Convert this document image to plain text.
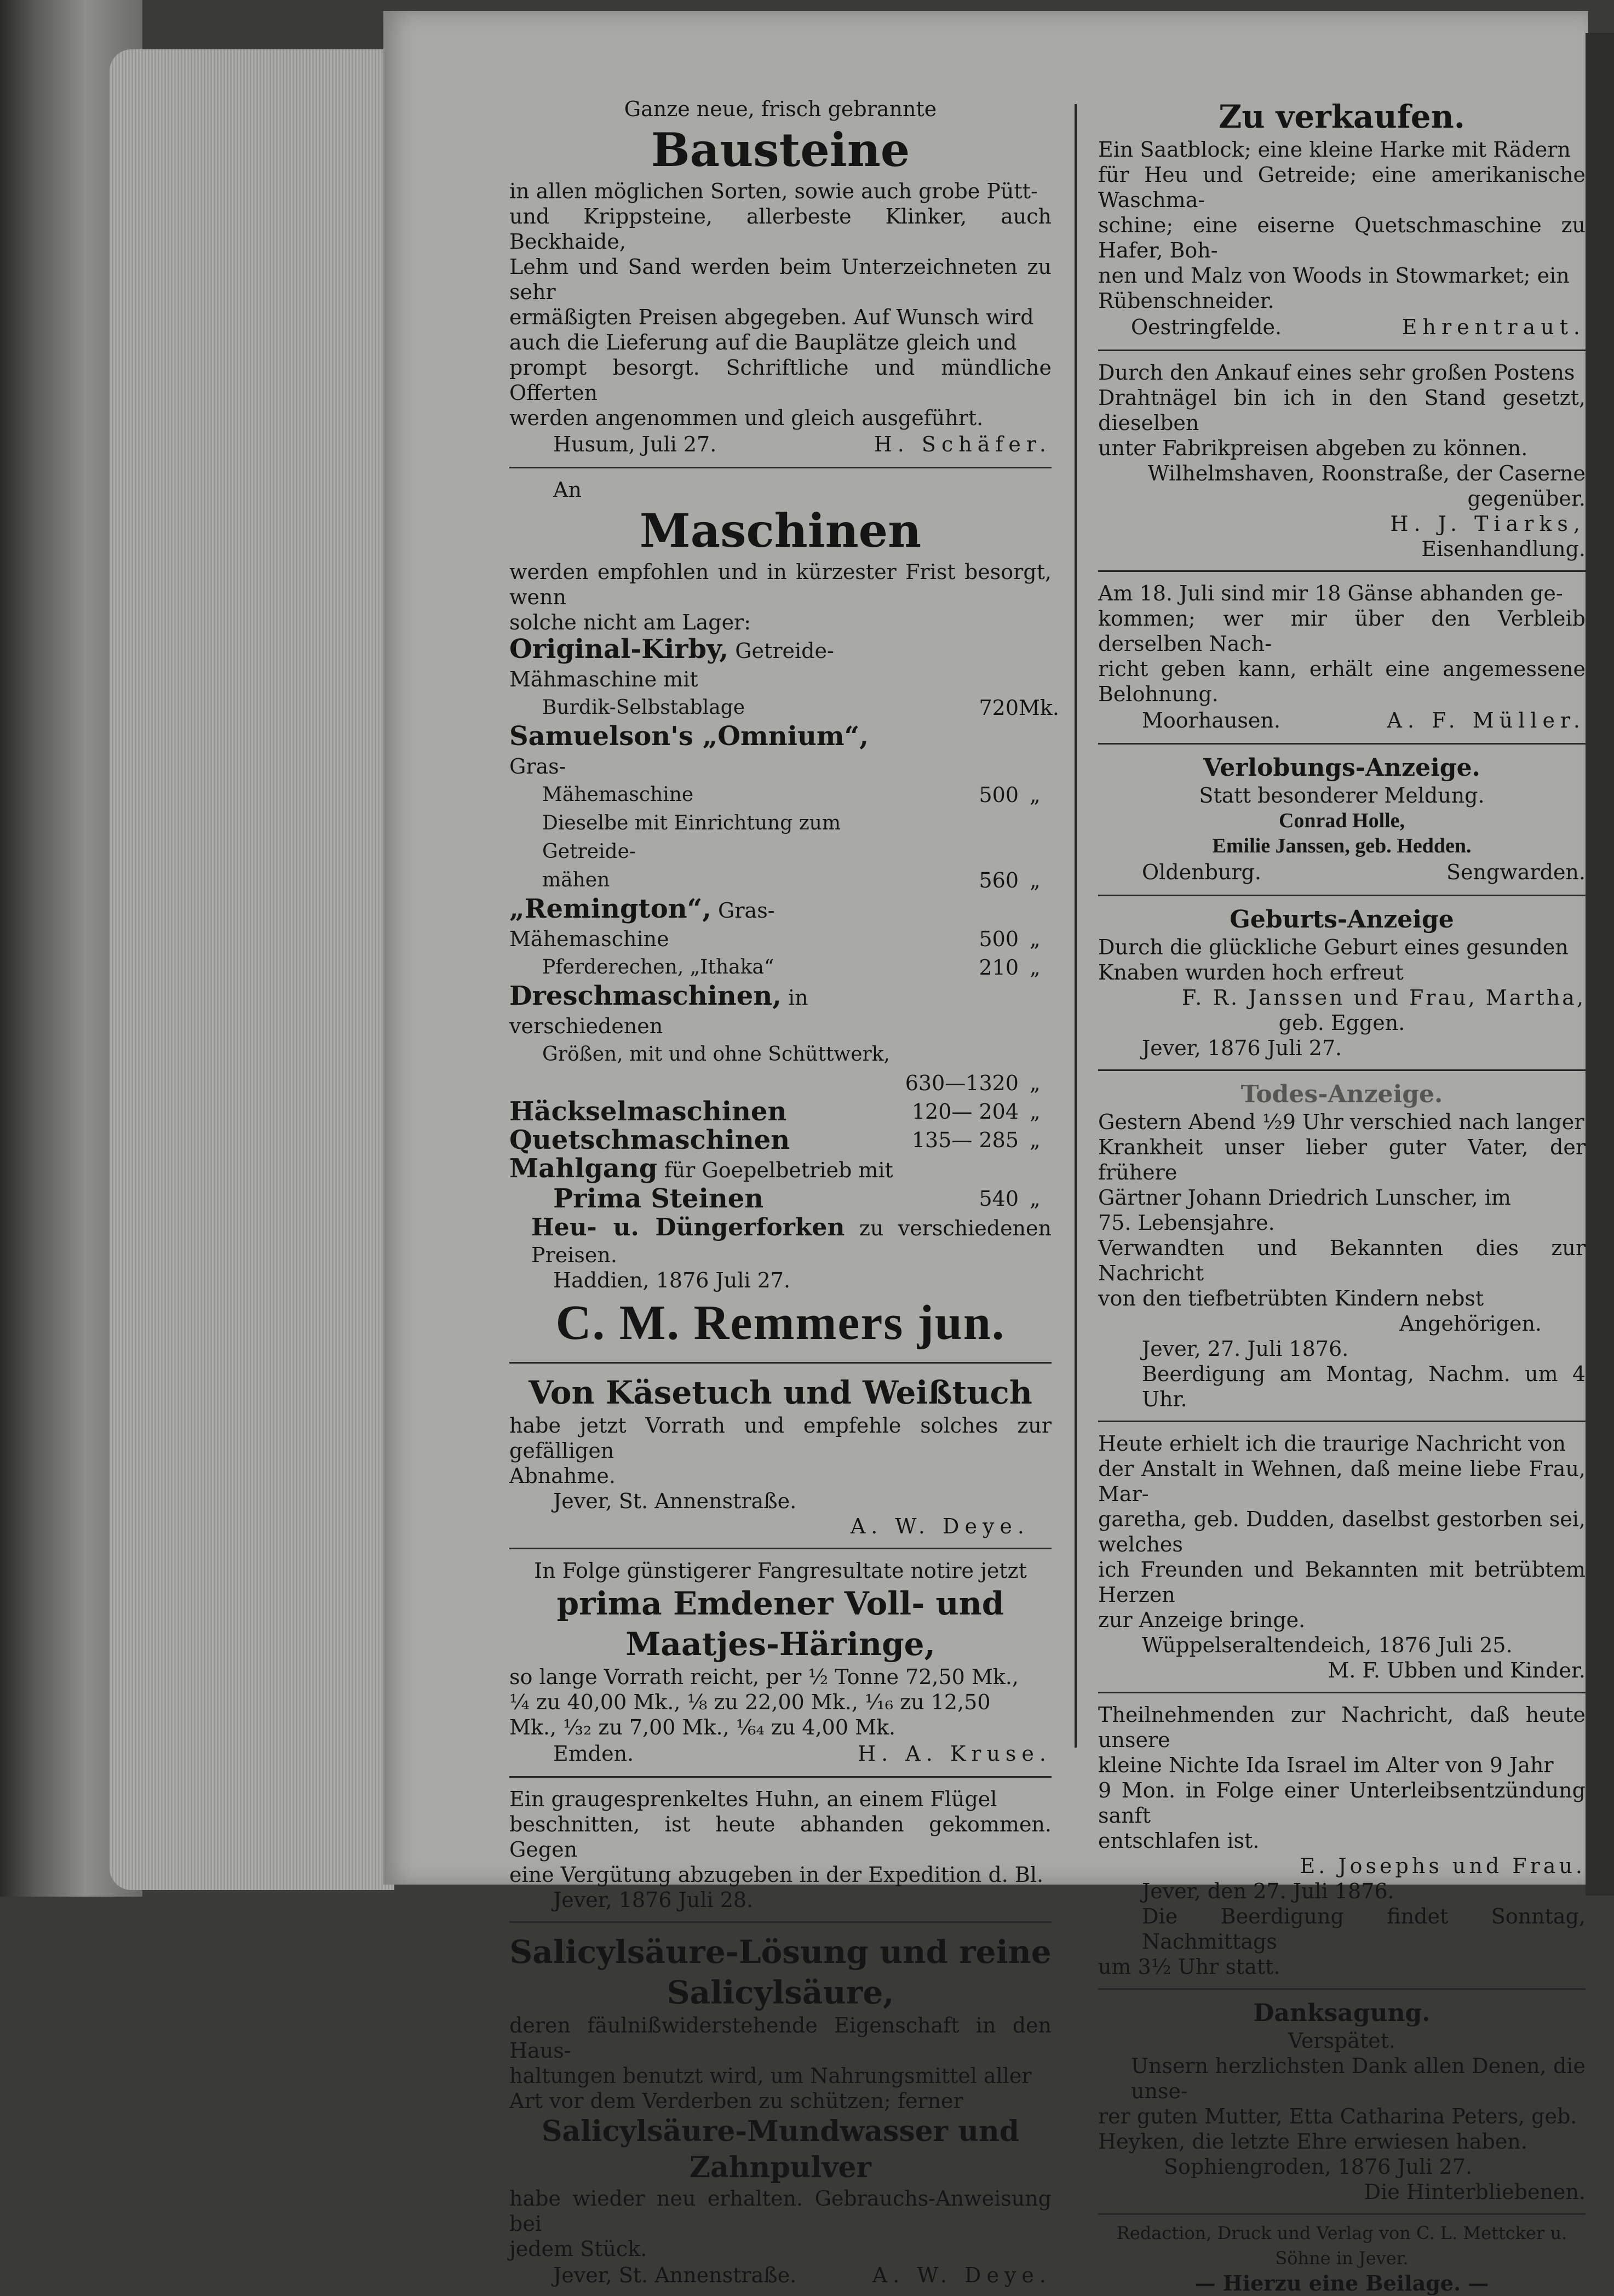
Ganze neue, frisch gebrannte
Bausteine
in allen möglichen Sorten, sowie auch grobe Pütt-
und Krippsteine, allerbeste Klinker, auch Beckhaide,
Lehm und Sand werden beim Unterzeichneten zu sehr
ermäßigten Preisen abgegeben. Auf Wunsch wird
auch die Lieferung auf die Bauplätze gleich und
prompt besorgt. Schriftliche und mündliche Offerten
werden angenommen und gleich ausgeführt.
Husum, Juli 27.	H. Schäfer.
An
Maschinen
werden empfohlen und in kürzester Frist besorgt, wenn
solche nicht am Lager:
Original-Kirby, Getreide-Mähmaschine mit
Burdik-Selbstablage	720 Mk.
Samuelson's „Omnium“, Gras-
Mähemaschine	500 „
Dieselbe mit Einrichtung zum Getreide-
mähen	560 „
„Remington“, Gras-Mähemaschine	500 „
Pferderechen, „Ithaka“	210 „
Dreschmaschinen, in verschiedenen
Größen, mit und ohne Schüttwerk,
630—1320 „
Häckselmaschinen	120— 204 „
Quetschmaschinen	135— 285 „
Mahlgang für Goepelbetrieb mit
Prima Steinen	540 „
Heu- u. Düngerforken zu verschiedenen Preisen.
Haddien, 1876 Juli 27.
C. M. Remmers jun.
Von Käsetuch und Weißtuch
habe jetzt Vorrath und empfehle solches zur gefälligen
Abnahme.
Jever, St. Annenstraße.
A. W. Deye.
In Folge günstigerer Fangresultate notire jetzt
prima Emdener Voll- und
Maatjes-Häringe,
so lange Vorrath reicht, per ½ Tonne 72,50 Mk.,
¼ zu 40,00 Mk., ⅛ zu 22,00 Mk., ¹⁄₁₆ zu 12,50
Mk., ¹⁄₃₂ zu 7,00 Mk., ¹⁄₆₄ zu 4,00 Mk.
Emden.	H. A. Kruse.
Ein graugesprenkeltes Huhn, an einem Flügel
beschnitten, ist heute abhanden gekommen. Gegen
eine Vergütung abzugeben in der Expedition d. Bl.
Jever, 1876 Juli 28.
Salicylsäure-Lösung und reine
Salicylsäure,
deren fäulnißwiderstehende Eigenschaft in den Haus-
haltungen benutzt wird, um Nahrungsmittel aller
Art vor dem Verderben zu schützen; ferner
Salicylsäure-Mundwasser und
Zahnpulver
habe wieder neu erhalten. Gebrauchs-Anweisung bei
jedem Stück.
Jever, St. Annenstraße.	A. W. Deye.
Zu verkaufen.
Ein Saatblock; eine kleine Harke mit Rädern
für Heu und Getreide; eine amerikanische Waschma-
schine; eine eiserne Quetschmaschine zu Hafer, Boh-
nen und Malz von Woods in Stowmarket; ein
Rübenschneider.
Oestringfelde.	Ehrentraut.
Durch den Ankauf eines sehr großen Postens
Drahtnägel bin ich in den Stand gesetzt, dieselben
unter Fabrikpreisen abgeben zu können.
Wilhelmshaven, Roonstraße, der Caserne gegenüber.
H. J. Tiarks,
Eisenhandlung.
Am 18. Juli sind mir 18 Gänse abhanden ge-
kommen; wer mir über den Verbleib derselben Nach-
richt geben kann, erhält eine angemessene Belohnung.
Moorhausen.	A. F. Müller.
Verlobungs-Anzeige.
Statt besonderer Meldung.
Conrad Holle,
Emilie Janssen, geb. Hedden.
Oldenburg.	Sengwarden.
Geburts-Anzeige
Durch die glückliche Geburt eines gesunden
Knaben wurden hoch erfreut
F. R. Janssen und Frau, Martha,
geb. Eggen.
Jever, 1876 Juli 27.
Todes-Anzeige.
Gestern Abend ½9 Uhr verschied nach langer
Krankheit unser lieber guter Vater, der frühere
Gärtner Johann Driedrich Lunscher, im
75. Lebensjahre.
Verwandten und Bekannten dies zur Nachricht
von den tiefbetrübten Kindern nebst
Angehörigen.
Jever, 27. Juli 1876.
Beerdigung am Montag, Nachm. um 4 Uhr.
Heute erhielt ich die traurige Nachricht von
der Anstalt in Wehnen, daß meine liebe Frau, Mar-
garetha, geb. Dudden, daselbst gestorben sei, welches
ich Freunden und Bekannten mit betrübtem Herzen
zur Anzeige bringe.
Wüppelseraltendeich, 1876 Juli 25.
M. F. Ubben und Kinder.
Theilnehmenden zur Nachricht, daß heute unsere
kleine Nichte Ida Israel im Alter von 9 Jahr
9 Mon. in Folge einer Unterleibsentzündung sanft
entschlafen ist.
E. Josephs und Frau.
Jever, den 27. Juli 1876.
Die Beerdigung findet Sonntag, Nachmittags
um 3½ Uhr statt.
Danksagung.
Verspätet.
Unsern herzlichsten Dank allen Denen, die unse-
rer guten Mutter, Etta Catharina Peters, geb.
Heyken, die letzte Ehre erwiesen haben.
Sophiengroden, 1876 Juli 27.
Die Hinterbliebenen.
Redaction, Druck und Verlag von C. L. Mettcker u. Söhne in Jever.
— Hierzu eine Beilage. —
